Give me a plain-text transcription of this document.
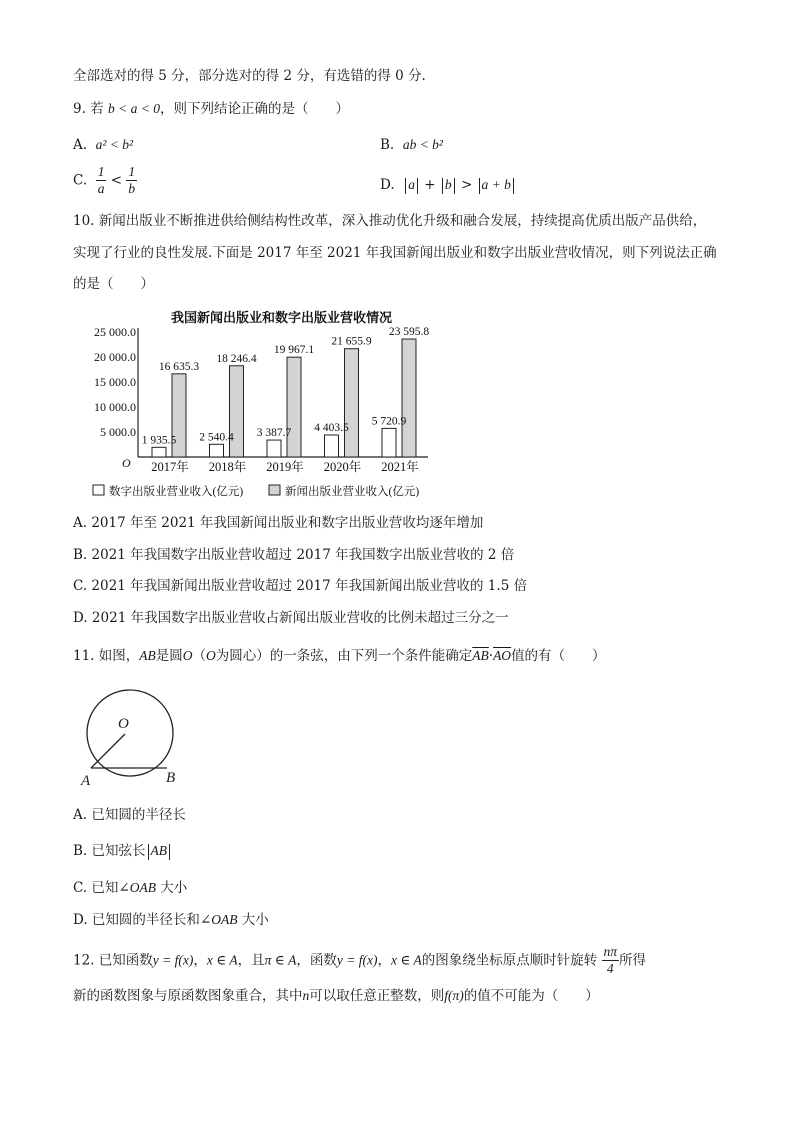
全部选对的得 5 分，部分选对的得 2 分，有选错的得 0 分.
9. 若 b < a < 0，则下列结论正确的是（　　）
A. a² < b²	B. ab < b²
C. $\frac{1}{a} < \frac{1}{b}$	D. a + b > a + b
10. 新闻出版业不断推进供给侧结构性改革，深入推动优化升级和融合发展，持续提高优质出版产品供给，
实现了行业的良性发展.下面是 2017 年至 2021 年我国新闻出版业和数字出版业营收情况，则下列说法正确
的是（　　）
我国新闻出版业和数字出版业营收情况
O
5 000.0
10 000.0
15 000.0
20 000.0
25 000.0
1 935.5
16 635.3
2017年
2 540.4
18 246.4
2018年
3 387.7
19 967.1
2019年
4 403.5
21 655.9
2020年
5 720.9
23 595.8
2021年
数字出版业营业收入(亿元)	新闻出版业营业收入(亿元)
A. 2017 年至 2021 年我国新闻出版业和数字出版业营收均逐年增加
B. 2021 年我国数字出版业营收超过 2017 年我国数字出版业营收的 2 倍
C. 2021 年我国新闻出版业营收超过 2017 年我国新闻出版业营收的 1.5 倍
D. 2021 年我国数字出版业营收占新闻出版业营收的比例未超过三分之一
11. 如图，AB是圆O（O为圆心）的一条弦，由下列一个条件能确定$\overline{AB}\cdot\overline{AO}$值的有（　　）
O
A	B
A. 已知圆的半径长
B. 已知弦长 AB
C. 已知∠OAB 大小
D. 已知圆的半径长和∠OAB 大小
12. 已知函数y = f(x)，x ∈ A，且π ∈ A，函数y = f(x)，x ∈ A的图象绕坐标原点顺时针旋转 $\frac{n\pi}{4}$ 所得
新的函数图象与原函数图象重合，其中n可以取任意正整数，则f(π)的值不可能为（　　）
